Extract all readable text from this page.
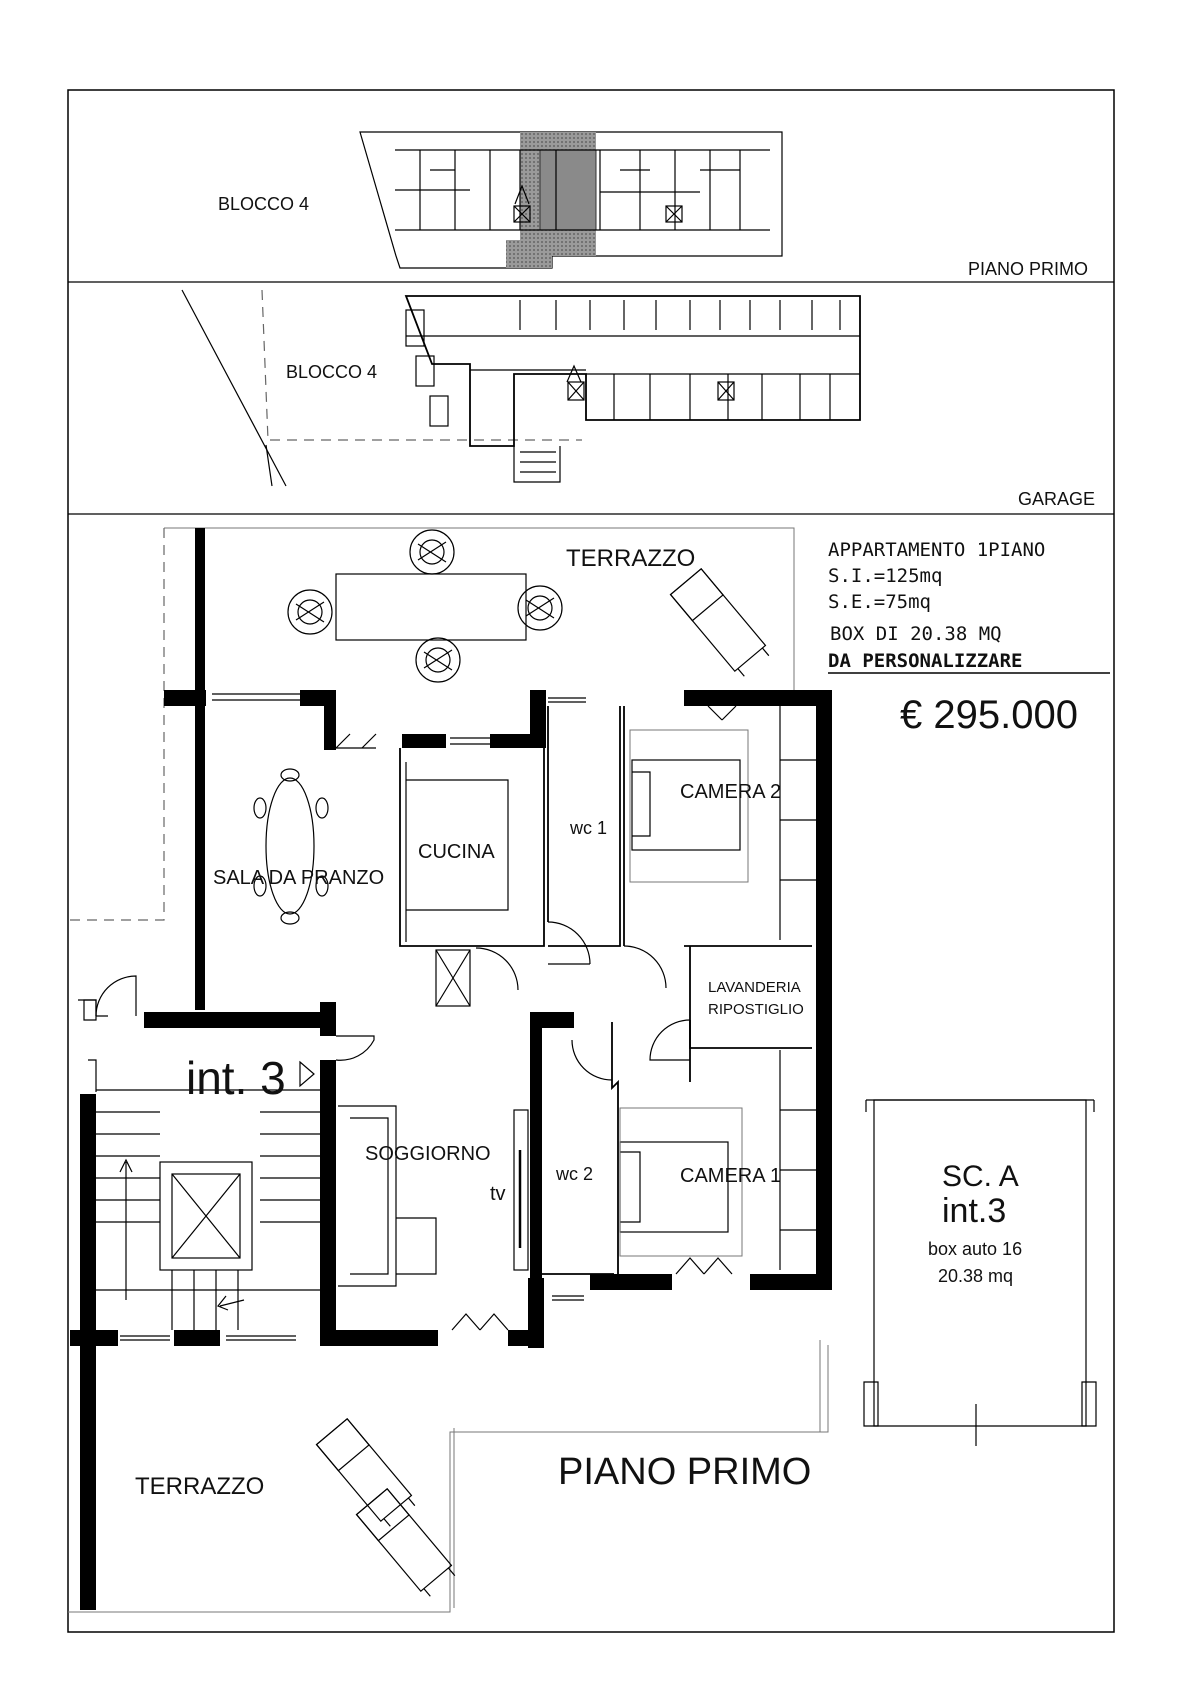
BLOCCO 4
PIANO PRIMO
BLOCCO 4
GARAGE
APPARTAMENTO 1PIANO
S.I.=125mq
S.E.=75mq
BOX DI 20.38 MQ
DA PERSONALIZZARE
€ 295.000
TERRAZZO
SALA DA PRANZO
CUCINA
wc 1
CAMERA 2
LAVANDERIA
RIPOSTIGLIO
SOGGIORNO
tv
wc 2	CAMERA 1
TERRAZZO
int. 3
PIANO PRIMO
SC. A
int.3
box auto 16
20.38 mq
